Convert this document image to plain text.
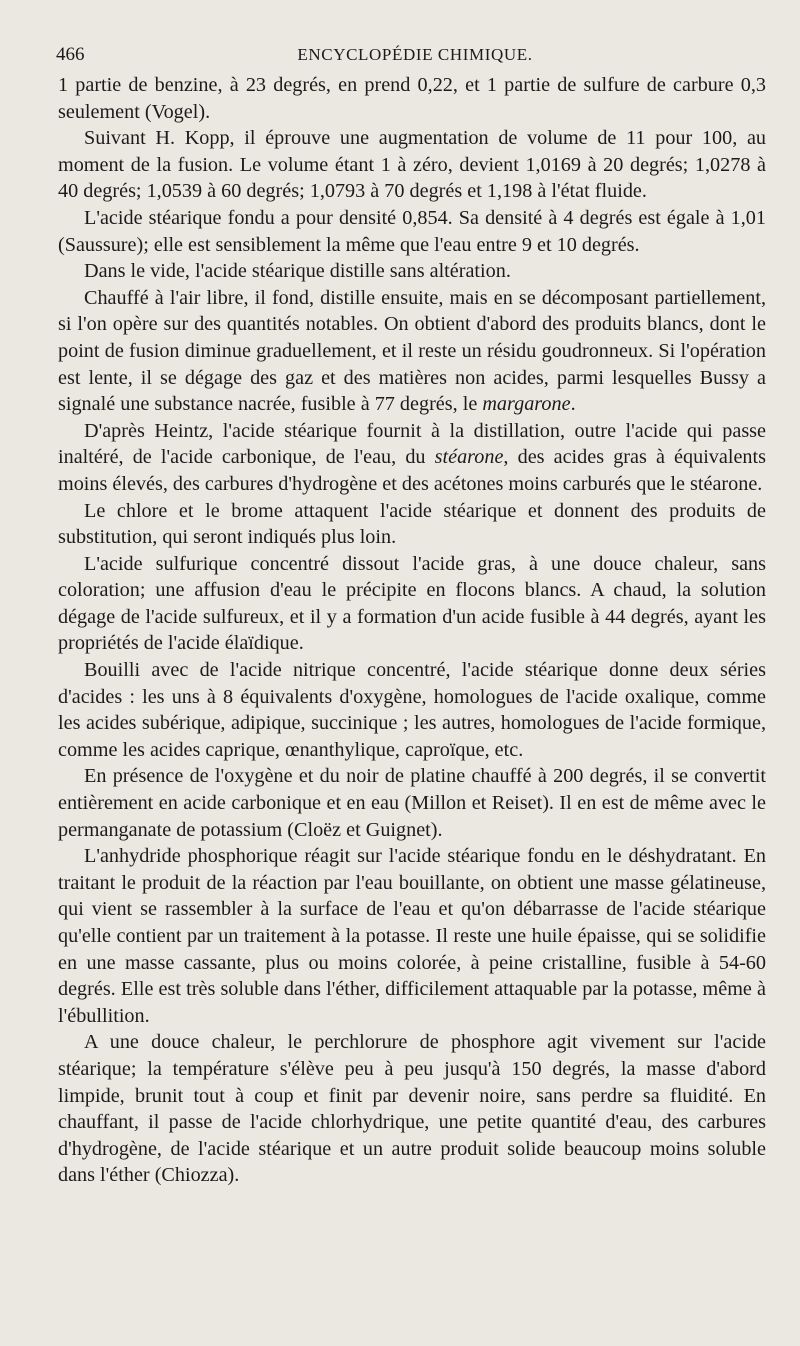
466	ENCYCLOPÉDIE CHIMIQUE.

1 partie de benzine, à 23 degrés, en prend 0,22, et 1 partie de sulfure de carbure 0,3 seulement (Vogel).

Suivant H. Kopp, il éprouve une augmentation de volume de 11 pour 100, au moment de la fusion. Le volume étant 1 à zéro, devient 1,0169 à 20 degrés; 1,0278 à 40 degrés; 1,0539 à 60 degrés; 1,0793 à 70 degrés et 1,198 à l'état fluide.

L'acide stéarique fondu a pour densité 0,854. Sa densité à 4 degrés est égale à 1,01 (Saussure); elle est sensiblement la même que l'eau entre 9 et 10 degrés.

Dans le vide, l'acide stéarique distille sans altération.

Chauffé à l'air libre, il fond, distille ensuite, mais en se décomposant partiellement, si l'on opère sur des quantités notables. On obtient d'abord des produits blancs, dont le point de fusion diminue graduellement, et il reste un résidu goudronneux. Si l'opération est lente, il se dégage des gaz et des matières non acides, parmi lesquelles Bussy a signalé une substance nacrée, fusible à 77 degrés, le margarone.

D'après Heintz, l'acide stéarique fournit à la distillation, outre l'acide qui passe inaltéré, de l'acide carbonique, de l'eau, du stéarone, des acides gras à équivalents moins élevés, des carbures d'hydrogène et des acétones moins carburés que le stéarone.

Le chlore et le brome attaquent l'acide stéarique et donnent des produits de substitution, qui seront indiqués plus loin.

L'acide sulfurique concentré dissout l'acide gras, à une douce chaleur, sans coloration; une affusion d'eau le précipite en flocons blancs. A chaud, la solution dégage de l'acide sulfureux, et il y a formation d'un acide fusible à 44 degrés, ayant les propriétés de l'acide élaïdique.

Bouilli avec de l'acide nitrique concentré, l'acide stéarique donne deux séries d'acides : les uns à 8 équivalents d'oxygène, homologues de l'acide oxalique, comme les acides subérique, adipique, succinique ; les autres, homologues de l'acide formique, comme les acides caprique, œnanthylique, caproïque, etc.

En présence de l'oxygène et du noir de platine chauffé à 200 degrés, il se convertit entièrement en acide carbonique et en eau (Millon et Reiset). Il en est de même avec le permanganate de potassium (Cloëz et Guignet).

L'anhydride phosphorique réagit sur l'acide stéarique fondu en le déshydratant. En traitant le produit de la réaction par l'eau bouillante, on obtient une masse gélatineuse, qui vient se rassembler à la surface de l'eau et qu'on débarrasse de l'acide stéarique qu'elle contient par un traitement à la potasse. Il reste une huile épaisse, qui se solidifie en une masse cassante, plus ou moins colorée, à peine cristalline, fusible à 54-60 degrés. Elle est très soluble dans l'éther, difficilement attaquable par la potasse, même à l'ébullition.

A une douce chaleur, le perchlorure de phosphore agit vivement sur l'acide stéarique; la température s'élève peu à peu jusqu'à 150 degrés, la masse d'abord limpide, brunit tout à coup et finit par devenir noire, sans perdre sa fluidité. En chauffant, il passe de l'acide chlorhydrique, une petite quantité d'eau, des carbures d'hydrogène, de l'acide stéarique et un autre produit solide beaucoup moins soluble dans l'éther (Chiozza).
